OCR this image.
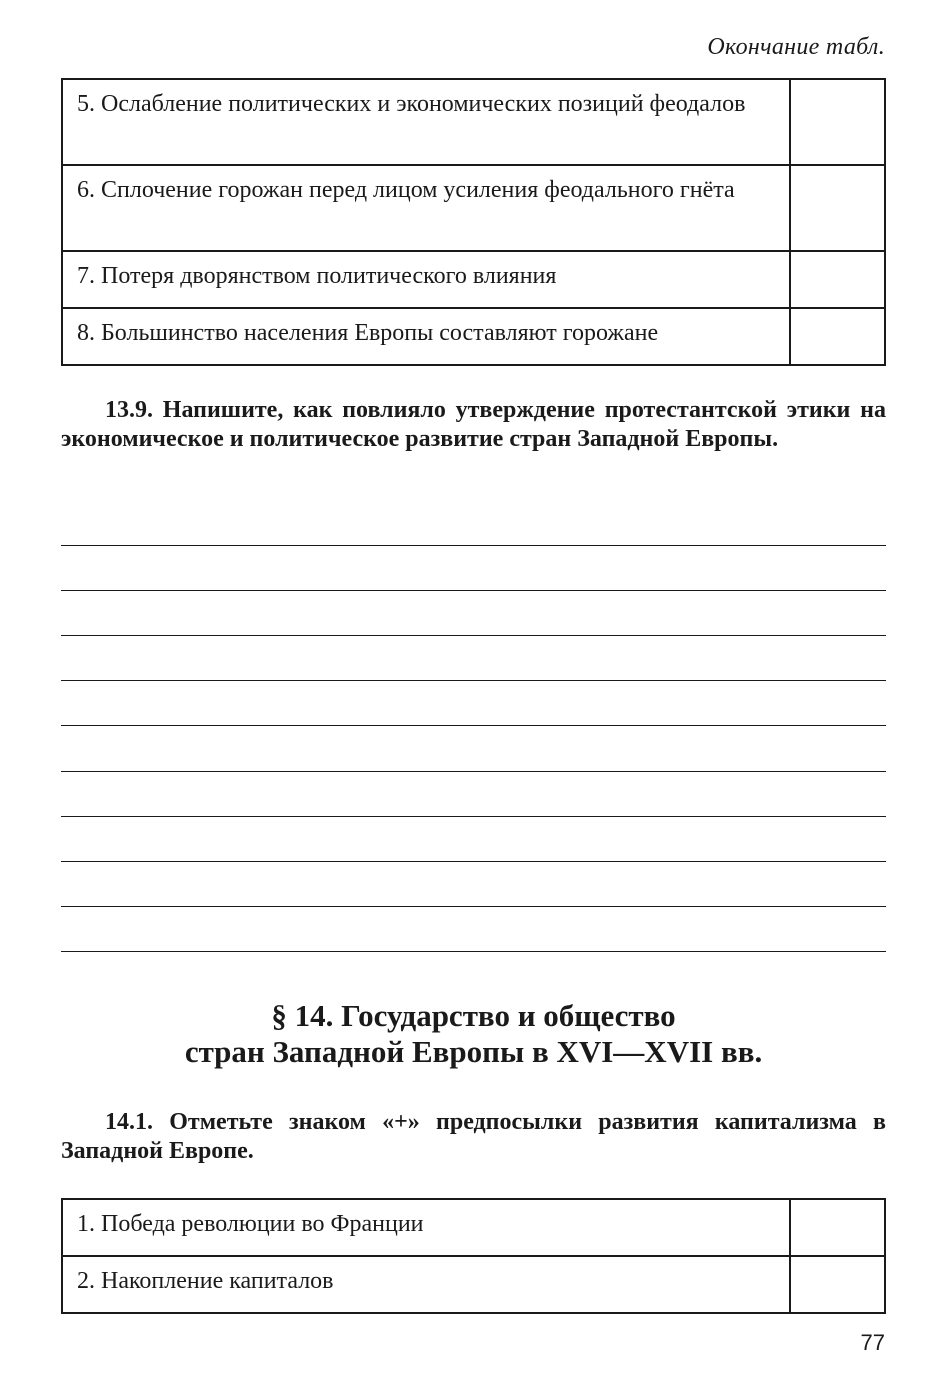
Окончание табл.
5. Ослабление политических и экономических позиций феодалов	
6. Сплочение горожан перед лицом усиления феодального гнёта	
7. Потеря дворянством политического влияния	
8. Большинство населения Европы составляют горожане	

13.9. Напишите, как повлияло утверждение протестантской этики на экономическое и политическое развитие стран Западной Европы.

§ 14. Государство и общество
стран Западной Европы в XVI—XVII вв.

14.1. Отметьте знаком «+» предпосылки развития капитализма в Западной Европе.

1. Победа революции во Франции	
2. Накопление капиталов	
77
